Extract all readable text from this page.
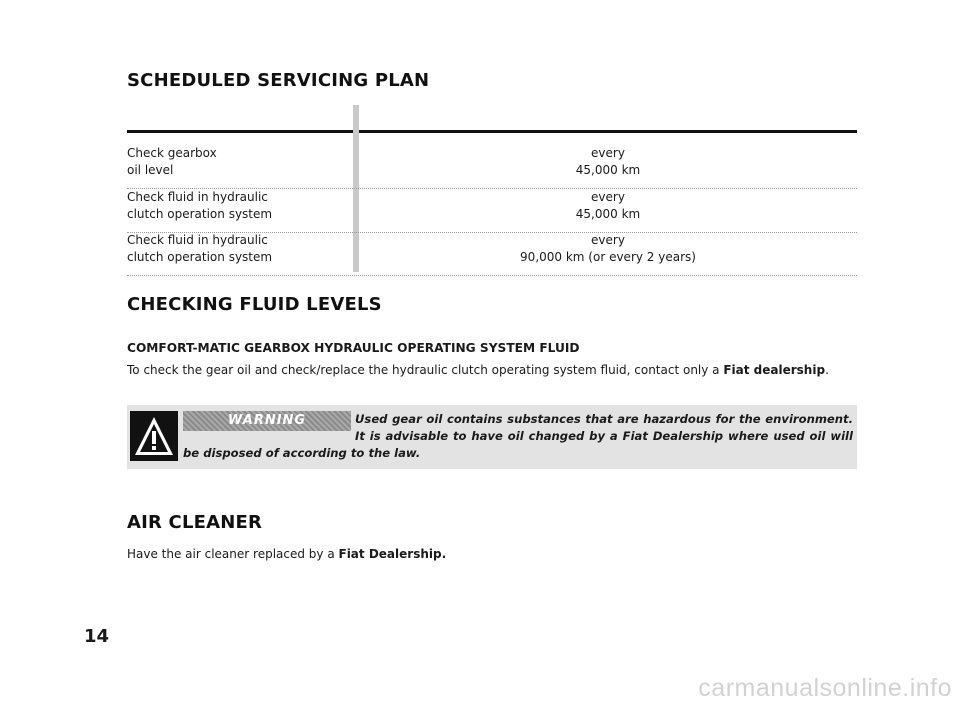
SCHEDULED SERVICING PLAN
Check gearbox
oil level
every
45,000 km
Check fluid in hydraulic
clutch operation system
every
45,000 km
Check fluid in hydraulic
clutch operation system
every
90,000 km (or every 2 years)
CHECKING FLUID LEVELS
COMFORT-MATIC GEARBOX HYDRAULIC OPERATING SYSTEM FLUID
To check the gear oil and check/replace the hydraulic clutch operating system fluid, contact only a Fiat dealership.
WARNING	Used gear oil contains substances that are hazardous for the environment. It is advisable to have oil changed by a Fiat Dealership where used oil will be disposed of according to the law.
AIR CLEANER
Have the air cleaner replaced by a Fiat Dealership.
14
carmanualsonline.info
